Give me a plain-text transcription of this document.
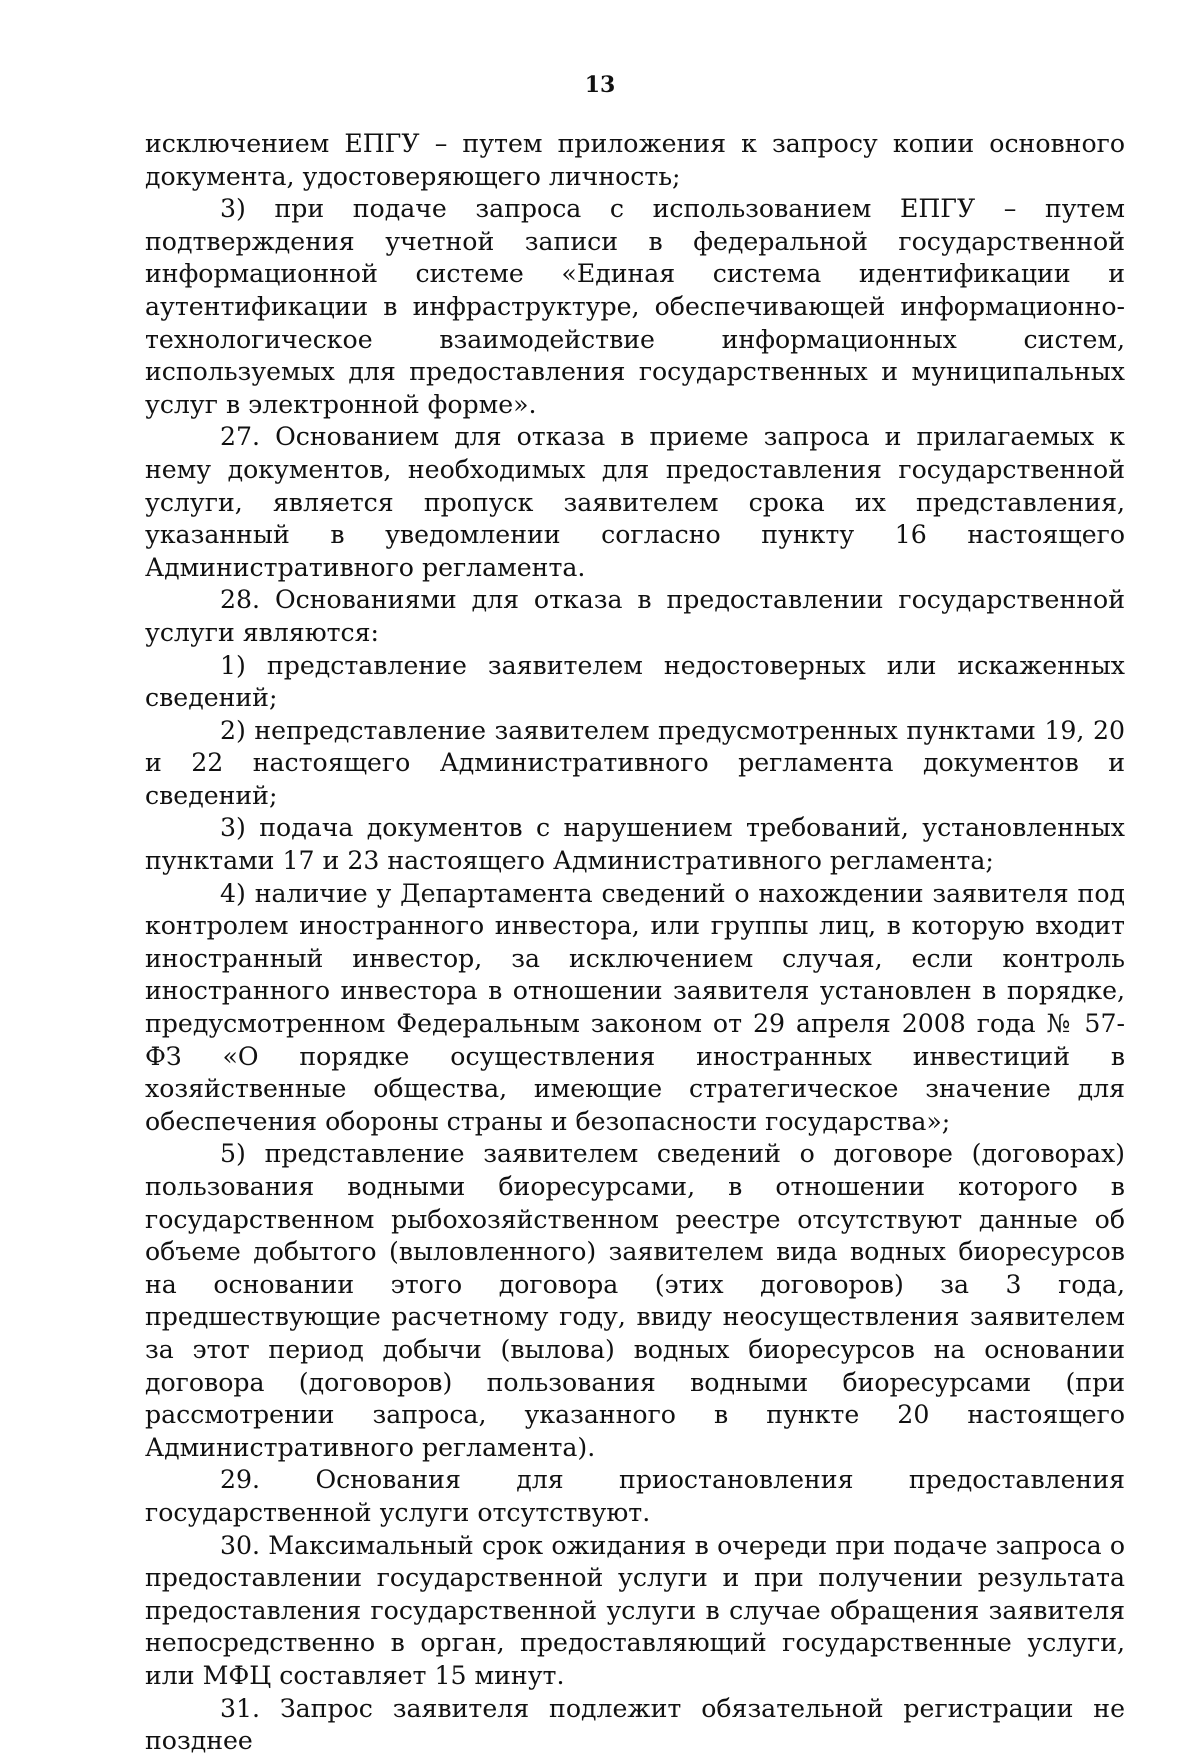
13

исключением ЕПГУ – путем приложения к запросу копии основного документа, удостоверяющего личность;

3) при подаче запроса с использованием ЕПГУ – путем подтверждения учетной записи в федеральной государственной информационной системе «Единая система идентификации и аутентификации в инфраструктуре, обеспечивающей информационно-технологическое взаимодействие информационных систем, используемых для предоставления государственных и муниципальных услуг в электронной форме».

27. Основанием для отказа в приеме запроса и прилагаемых к нему документов, необходимых для предоставления государственной услуги, является пропуск заявителем срока их представления, указанный в уведомлении согласно пункту 16 настоящего Административного регламента.

28. Основаниями для отказа в предоставлении государственной услуги являются:

1) представление заявителем недостоверных или искаженных сведений;

2) непредставление заявителем предусмотренных пунктами 19, 20 и 22 настоящего Административного регламента документов и сведений;

3) подача документов с нарушением требований, установленных пунктами 17 и 23 настоящего Административного регламента;

4) наличие у Департамента сведений о нахождении заявителя под контролем иностранного инвестора, или группы лиц, в которую входит иностранный инвестор, за исключением случая, если контроль иностранного инвестора в отношении заявителя установлен в порядке, предусмотренном Федеральным законом от 29 апреля 2008 года № 57-ФЗ «О порядке осуществления иностранных инвестиций в хозяйственные общества, имеющие стратегическое значение для обеспечения обороны страны и безопасности государства»;

5) представление заявителем сведений о договоре (договорах) пользования водными биоресурсами, в отношении которого в государственном рыбохозяйственном реестре отсутствуют данные об объеме добытого (выловленного) заявителем вида водных биоресурсов на основании этого договора (этих договоров) за 3 года, предшествующие расчетному году, ввиду неосуществления заявителем за этот период добычи (вылова) водных биоресурсов на основании договора (договоров) пользования водными биоресурсами (при рассмотрении запроса, указанного в пункте 20 настоящего Административного регламента).

29. Основания для приостановления предоставления государственной услуги отсутствуют.

30. Максимальный срок ожидания в очереди при подаче запроса о предоставлении государственной услуги и при получении результата предоставления государственной услуги в случае обращения заявителя непосредственно в орган, предоставляющий государственные услуги, или МФЦ составляет 15 минут.

31. Запрос заявителя подлежит обязательной регистрации не позднее
